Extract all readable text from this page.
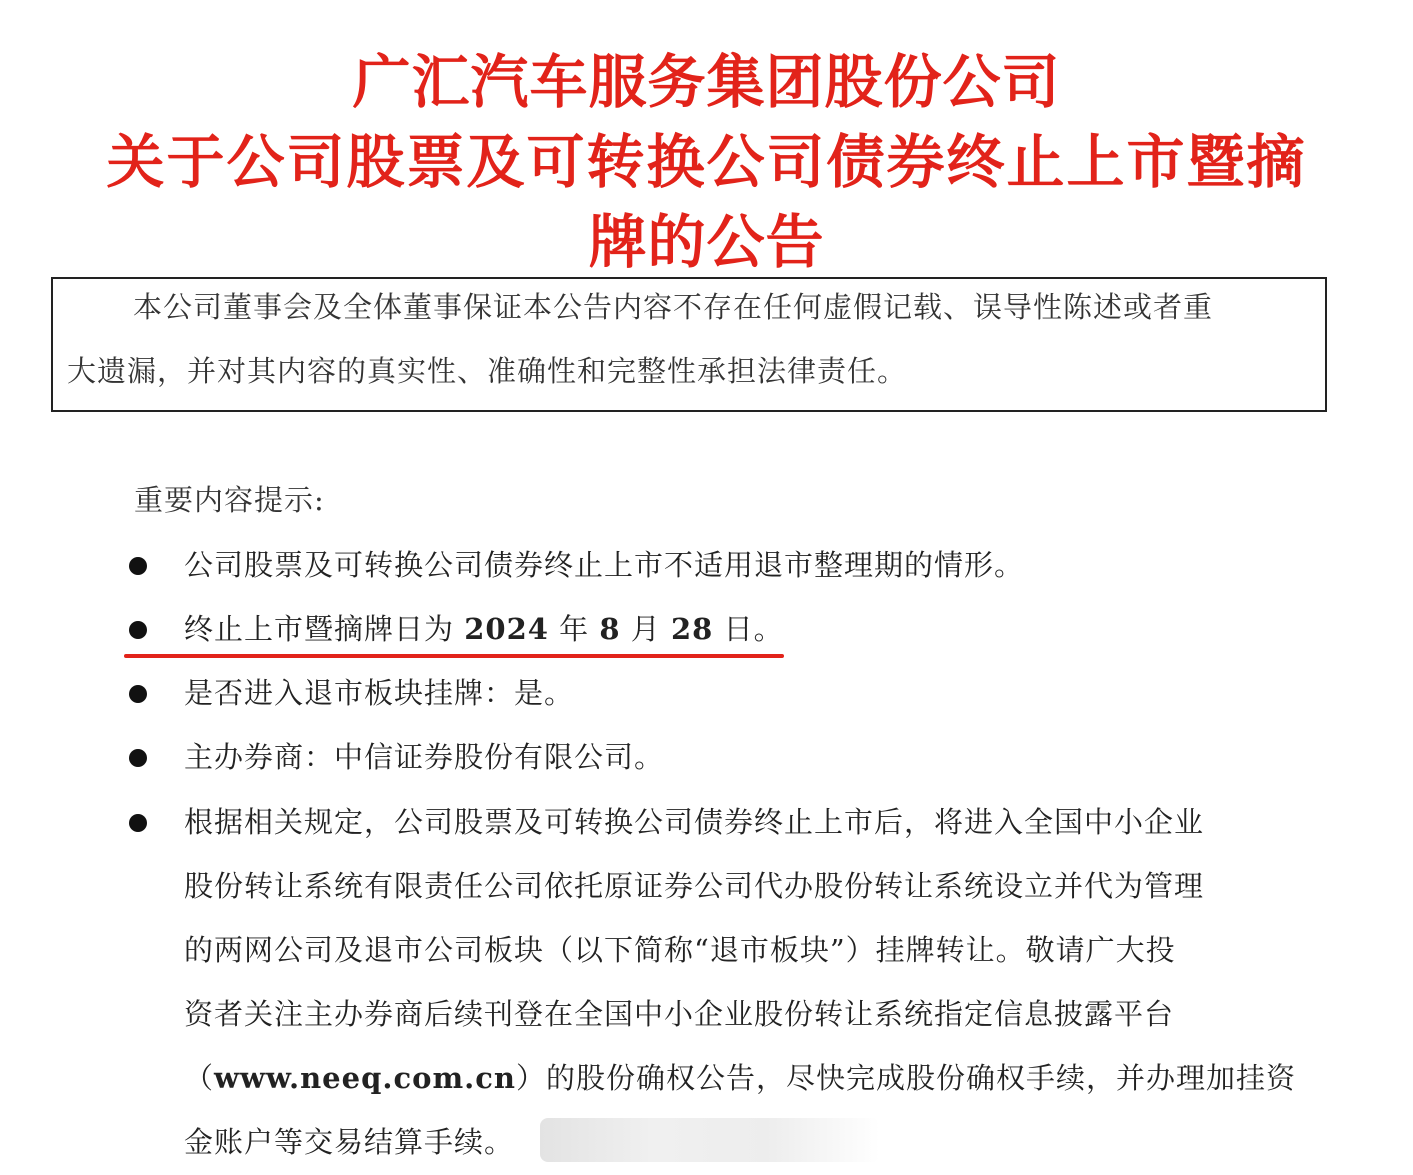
广汇汽车服务集团股份公司
关于公司股票及可转换公司债券终止上市暨摘
牌的公告
本公司董事会及全体董事保证本公告内容不存在任何虚假记载、误导性陈述或者重
大遗漏，并对其内容的真实性、准确性和完整性承担法律责任。
重要内容提示:
公司股票及可转换公司债券终止上市不适用退市整理期的情形。
终止上市暨摘牌日为 2024 年 8 月 28 日。
是否进入退市板块挂牌：是。
主办券商：中信证券股份有限公司。
根据相关规定，公司股票及可转换公司债券终止上市后，将进入全国中小企业
股份转让系统有限责任公司依托原证券公司代办股份转让系统设立并代为管理
的两网公司及退市公司板块（以下简称“退市板块”）挂牌转让。敬请广大投
资者关注主办券商后续刊登在全国中小企业股份转让系统指定信息披露平台
（www.neeq.com.cn）的股份确权公告，尽快完成股份确权手续，并办理加挂资
金账户等交易结算手续。
